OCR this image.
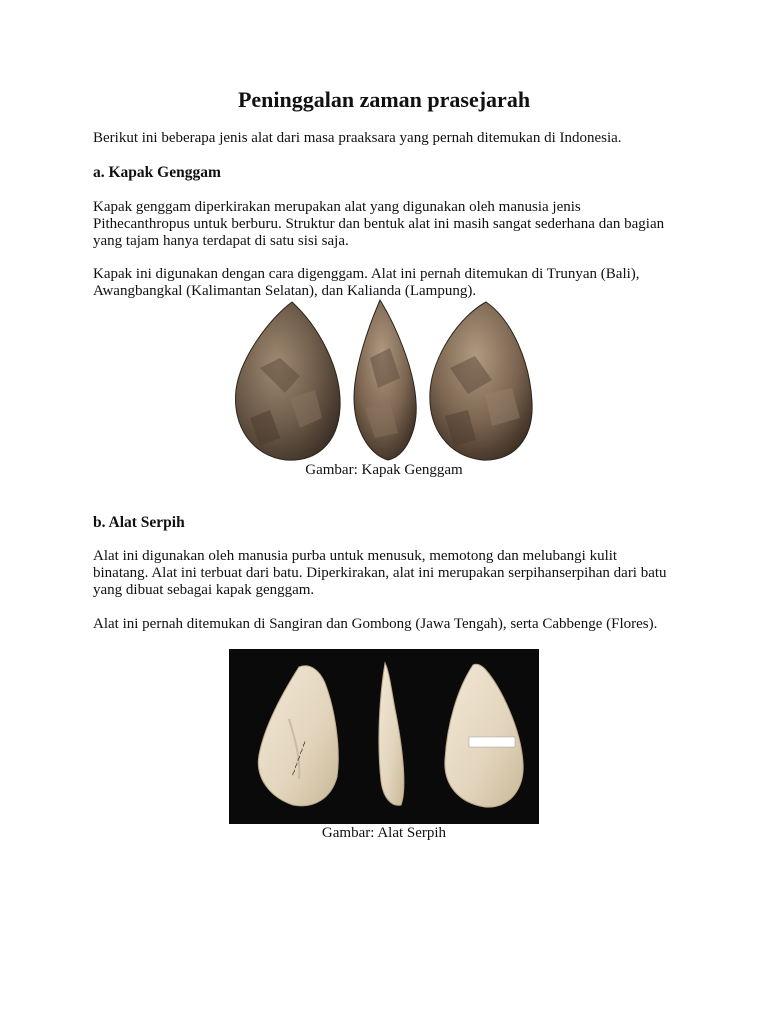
Peninggalan zaman prasejarah
Berikut ini beberapa jenis alat dari masa praaksara yang pernah ditemukan di Indonesia.
a. Kapak Genggam
Kapak genggam diperkirakan merupakan alat yang digunakan oleh manusia jenis Pithecanthropus untuk berburu. Struktur dan bentuk alat ini masih sangat sederhana dan bagian yang tajam hanya terdapat di satu sisi saja.
Kapak ini digunakan dengan cara digenggam. Alat ini pernah ditemukan di Trunyan (Bali), Awangbangkal (Kalimantan Selatan), dan Kalianda (Lampung).
Gambar: Kapak Genggam
b. Alat Serpih
Alat ini digunakan oleh manusia purba untuk menusuk, memotong dan melubangi kulit binatang. Alat ini terbuat dari batu. Diperkirakan, alat ini merupakan serpihanserpihan dari batu yang dibuat sebagai kapak genggam.
Alat ini pernah ditemukan di Sangiran dan Gombong (Jawa Tengah), serta Cabbenge (Flores).
~~~~~
Gambar: Alat Serpih
